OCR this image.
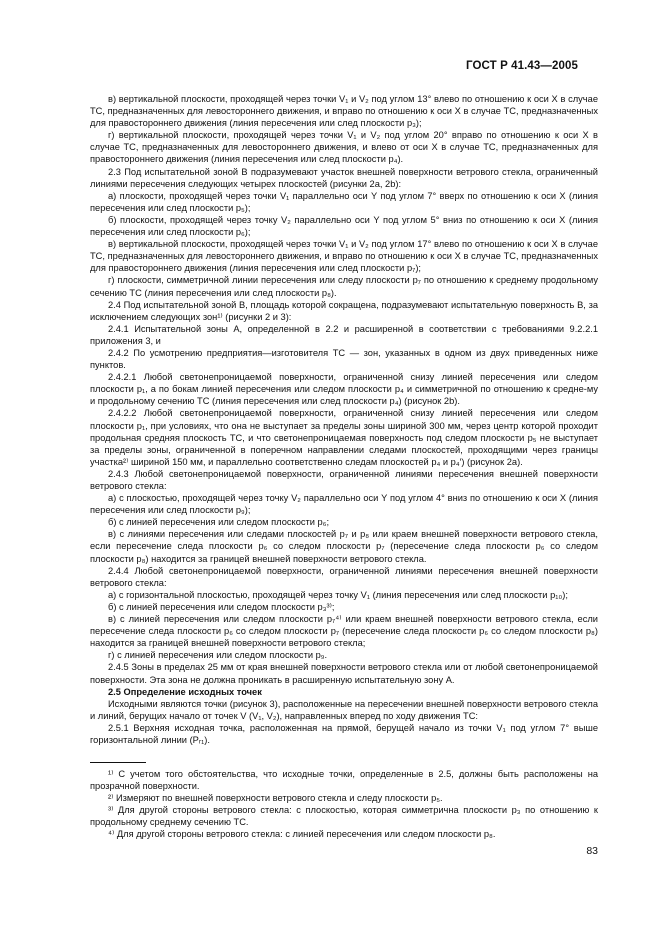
ГОСТ Р 41.43—2005

в) вертикальной плоскости, проходящей через точки V₁ и V₂ под углом 13° влево по отношению к оси X в случае ТС, предназначенных для левостороннего движения, и вправо по отношению к оси X в случае ТС, предназначенных для правостороннего движения (линия пересечения или след плоскости p₃);

г) вертикальной плоскости, проходящей через точки V₁ и V₂ под углом 20° вправо по отношению к оси X в случае ТС, предназначенных для левостороннего движения, и влево от оси X в случае ТС, предназначенных для правостороннего движения (линия пересечения или след плоскости p₄).

2.3 Под испытательной зоной B подразумевают участок внешней поверхности ветрового стекла, ограниченный линиями пересечения следующих четырех плоскостей (рисунки 2a, 2b):

а) плоскости, проходящей через точки V₁ параллельно оси Y под углом 7° вверх по отношению к оси X (линия пересечения или след плоскости p₅);

б) плоскости, проходящей через точку V₂ параллельно оси Y под углом 5° вниз по отношению к оси X (линия пересечения или след плоскости p₆);

в) вертикальной плоскости, проходящей через точки V₁ и V₂ под углом 17° влево по отношению к оси X в случае ТС, предназначенных для левостороннего движения, и вправо по отношению к оси X в случае ТС, предназначенных для правостороннего движения (линия пересечения или след плоскости p₇);

г) плоскости, симметричной линии пересечения или следу плоскости p₇ по отношению к среднему продольному сечению ТС (линия пересечения или след плоскости p₈).

2.4 Под испытательной зоной B, площадь которой сокращена, подразумевают испытательную поверхность B, за исключением следующих зон¹⁾ (рисунки 2 и 3):

2.4.1 Испытательной зоны A, определенной в 2.2 и расширенной в соответствии с требованиями 9.2.2.1 приложения 3, и

2.4.2 По усмотрению предприятия—изготовителя ТС — зон, указанных в одном из двух приведенных ниже пунктов.

2.4.2.1 Любой светонепроницаемой поверхности, ограниченной снизу линией пересечения или следом плоскости p₁, а по бокам линией пересечения или следом плоскости p₄ и симметричной по отношению к средне-му и продольному сечению ТС (линия пересечения или след плоскости p₄) (рисунок 2b).

2.4.2.2 Любой светонепроницаемой поверхности, ограниченной снизу линией пересечения или следом плоскости p₁, при условиях, что она не выступает за пределы зоны шириной 300 мм, через центр которой проходит продольная средняя плоскость ТС, и что светонепроницаемая поверхность под следом плоскости p₅ не выступает за пределы зоны, ограниченной в поперечном направлении следами плоскостей, проходящими через границы участка²⁾ шириной 150 мм, и параллельно соответственно следам плоскостей p₄ и p₄′) (рисунок 2a).

2.4.3 Любой светонепроницаемой поверхности, ограниченной линиями пересечения внешней поверхности ветрового стекла:

а) с плоскостью, проходящей через точку V₂ параллельно оси Y под углом 4° вниз по отношению к оси X (линия пересечения или след плоскости p₉);

б) с линией пересечения или следом плоскости p₆;

в) с линиями пересечения или следами плоскостей p₇ и p₈ или краем внешней поверхности ветрового стекла, если пересечение следа плоскости p₆ со следом плоскости p₇ (пересечение следа плоскости p₆ со следом плоскости p₈) находится за границей внешней поверхности ветрового стекла.

2.4.4 Любой светонепроницаемой поверхности, ограниченной линиями пересечения внешней поверхности ветрового стекла:

а) с горизонтальной плоскостью, проходящей через точку V₁ (линия пересечения или след плоскости p₁₀);

б) с линией пересечения или следом плоскости p₃³⁾;

в) с линией пересечения или следом плоскости p₇⁴⁾ или краем внешней поверхности ветрового стекла, если пересечение следа плоскости p₆ со следом плоскости p₇ (пересечение следа плоскости p₆ со следом плоскости p₈) находится за границей внешней поверхности ветрового стекла;

г) с линией пересечения или следом плоскости p₉.

2.4.5 Зоны в пределах 25 мм от края внешней поверхности ветрового стекла или от любой светонепроницаемой поверхности. Эта зона не должна проникать в расширенную испытательную зону A.

2.5 Определение исходных точек

Исходными являются точки (рисунок 3), расположенные на пересечении внешней поверхности ветрового стекла и линий, берущих начало от точек V (V₁, V₂), направленных вперед по ходу движения ТС:

2.5.1 Верхняя исходная точка, расположенная на прямой, берущей начало из точки V₁ под углом 7° выше горизонтальной линии (Pᵣ₁).

¹⁾ С учетом того обстоятельства, что исходные точки, определенные в 2.5, должны быть расположены на прозрачной поверхности.

²⁾ Измеряют по внешней поверхности ветрового стекла и следу плоскости p₅.

³⁾ Для другой стороны ветрового стекла: с плоскостью, которая симметрична плоскости p₃ по отношению к продольному среднему сечению ТС.

⁴⁾ Для другой стороны ветрового стекла: с линией пересечения или следом плоскости p₈.

83
